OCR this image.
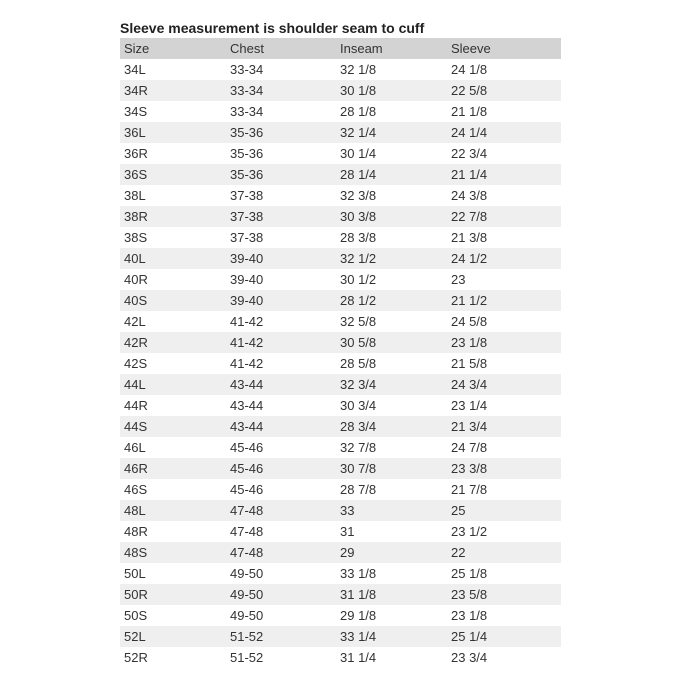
Sleeve measurement is shoulder seam to cuff
Size	Chest	Inseam	Sleeve
34L	33-34	32 1/8	24 1/8
34R	33-34	30 1/8	22 5/8
34S	33-34	28 1/8	21 1/8
36L	35-36	32 1/4	24 1/4
36R	35-36	30 1/4	22 3/4
36S	35-36	28 1/4	21 1/4
38L	37-38	32 3/8	24 3/8
38R	37-38	30 3/8	22 7/8
38S	37-38	28 3/8	21 3/8
40L	39-40	32 1/2	24 1/2
40R	39-40	30 1/2	23
40S	39-40	28 1/2	21 1/2
42L	41-42	32 5/8	24 5/8
42R	41-42	30 5/8	23 1/8
42S	41-42	28 5/8	21 5/8
44L	43-44	32 3/4	24 3/4
44R	43-44	30 3/4	23 1/4
44S	43-44	28 3/4	21 3/4
46L	45-46	32 7/8	24 7/8
46R	45-46	30 7/8	23 3/8
46S	45-46	28 7/8	21 7/8
48L	47-48	33	25
48R	47-48	31	23 1/2
48S	47-48	29	22
50L	49-50	33 1/8	25 1/8
50R	49-50	31 1/8	23 5/8
50S	49-50	29 1/8	23 1/8
52L	51-52	33 1/4	25 1/4
52R	51-52	31 1/4	23 3/4
